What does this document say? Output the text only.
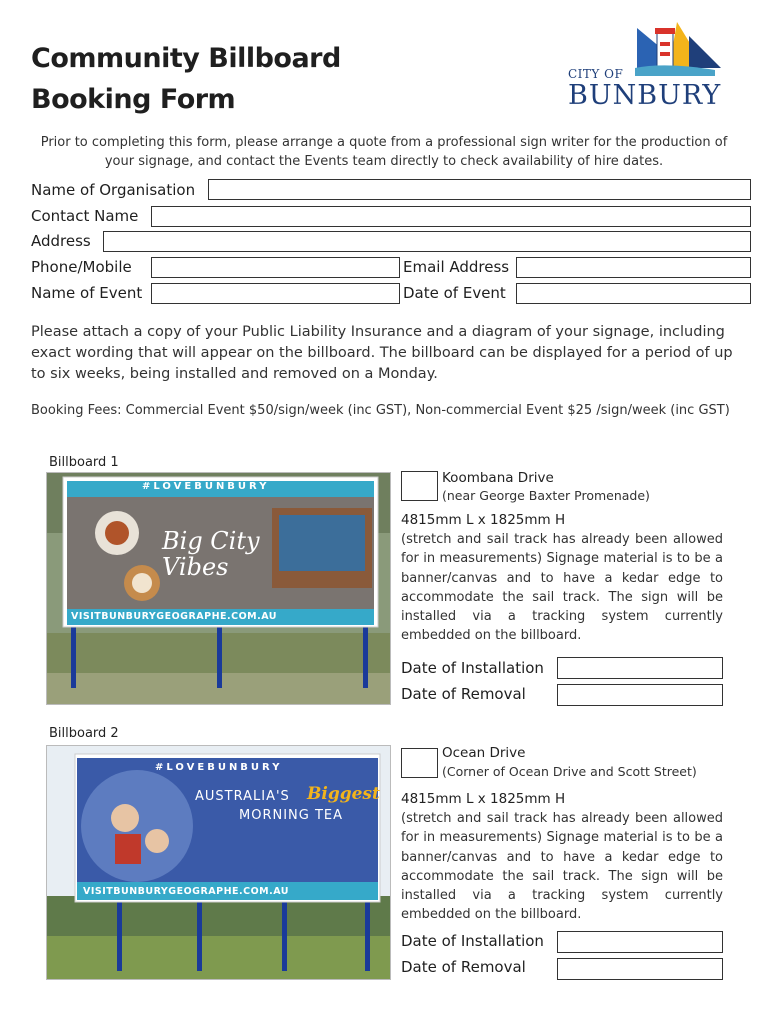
Community Billboard
Booking Form
CITY OF
BUNBURY
Prior to completing this form, please arrange a quote from a professional sign writer for the production of your signage, and contact the Events team directly to check availability of hire dates.
Name of Organisation
Contact Name
Address
Phone/Mobile	Email Address
Name of Event	Date of Event
Please attach a copy of your Public Liability Insurance and a diagram of your signage, including exact wording that will appear on the billboard. The billboard can be displayed for a period of up to six weeks, being installed and removed on a Monday.
Booking Fees: Commercial Event $50/sign/week (inc GST), Non-commercial Event $25 /sign/week (inc GST)
Billboard 1
#LOVEBUNBURY
Big City Vibes
VISITBUNBURYGEOGRAPHE.COM.AU
Koombana Drive
(near George Baxter Promenade)
4815mm L x 1825mm H
(stretch and sail track has already been allowed for in measurements) Signage material is to be a banner/canvas and to have a kedar edge to accommodate the sail track. The sign will be installed via a tracking system currently embedded on the billboard.
Date of Installation
Date of Removal
Billboard 2
#LOVEBUNBURY
AUSTRALIA'S Biggest
MORNING TEA
VISITBUNBURYGEOGRAPHE.COM.AU
Ocean Drive
(Corner of Ocean Drive and Scott Street)
4815mm L x 1825mm H
(stretch and sail track has already been allowed for in measurements) Signage material is to be a banner/canvas and to have a kedar edge to accommodate the sail track. The sign will be installed via a tracking system currently embedded on the billboard.
Date of Installation
Date of Removal
